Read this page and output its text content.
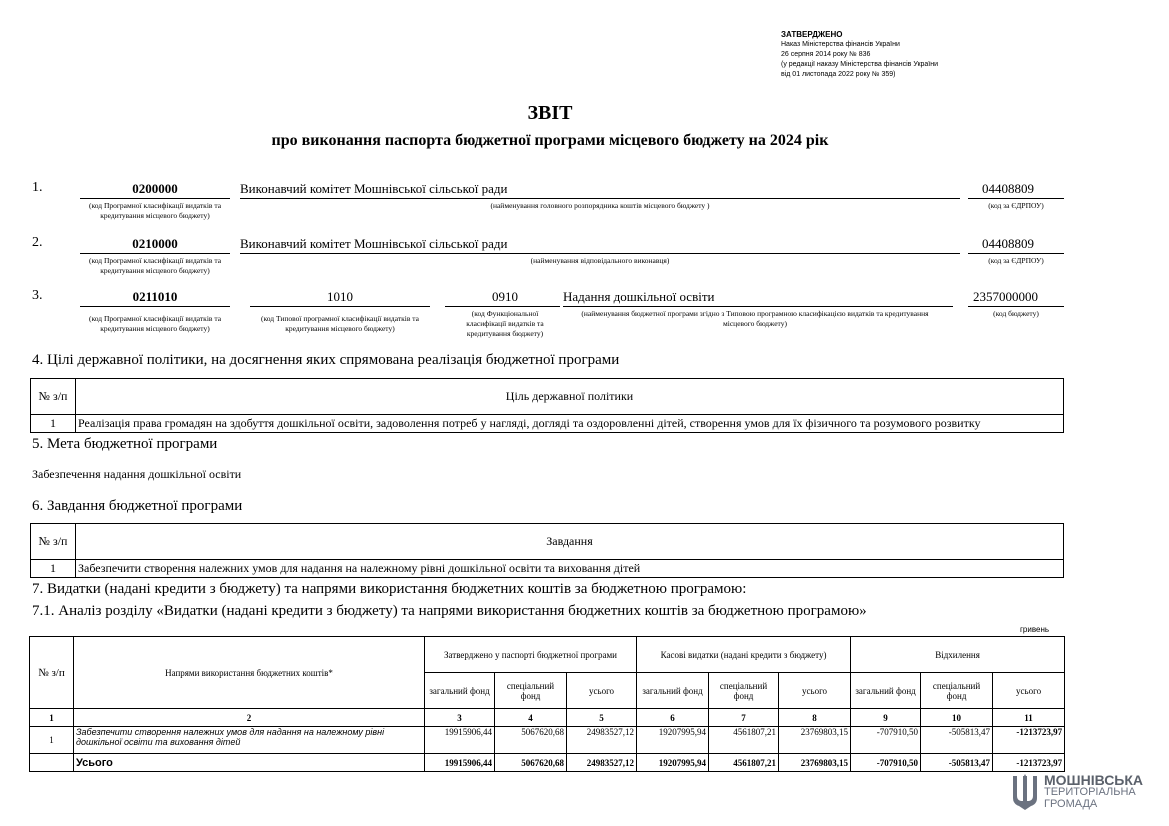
ЗАТВЕРДЖЕНО
Наказ Міністерства фінансів України
26 серпня 2014 року № 836
(у редакції наказу Міністерства фінансів України
від 01 листопада 2022 року № 359)
ЗВІТ
про виконання паспорта бюджетної програми місцевого бюджету на 2024 рік
1.	0200000	Виконавчий комітет Мошнівської сільської ради	04408809
(код Програмної класифікації видатків та кредитування місцевого бюджету)
(найменування головного розпорядника коштів місцевого бюджету )	(код за ЄДРПОУ)
2.	0210000	Виконавчий комітет Мошнівської сільської ради	04408809
(код Програмної класифікації видатків та кредитування місцевого бюджету)
(найменування відповідального виконавця)	(код за ЄДРПОУ)
3.	0211010	1010	0910	Надання дошкільної освіти	2357000000
(код Програмної класифікації видатків та кредитування місцевого бюджету)
(код Типової програмної класифікації видатків та кредитування місцевого бюджету)
(код Функціональної класифікації видатків та кредитування бюджету)
(найменування бюджетної програми згідно з Типовою програмною класифікацією видатків та кредитування місцевого бюджету)
(код бюджету)
4. Цілі державної політики, на досягнення яких спрямована реалізація бюджетної програми
№ з/п	Ціль державної політики
1	Реалізація права громадян на здобуття дошкільної освіти, задоволення потреб у нагляді, догляді та оздоровленні дітей, створення умов для їх фізичного та розумового розвитку
5. Мета бюджетної програми
Забезпечення надання дошкільної освіти
6. Завдання бюджетної програми
№ з/п	Завдання
1	Забезпечити створення належних умов для надання на належному рівні дошкільної освіти та виховання дітей
7. Видатки (надані кредити з бюджету) та напрями використання бюджетних коштів за бюджетною програмою:
7.1. Аналіз розділу «Видатки (надані кредити з бюджету) та напрями використання бюджетних коштів за бюджетною програмою»
гривень
№ з/п	Напрями використання бюджетних коштів*	Затверджено у паспорті бюджетної програми			Касові видатки (надані кредити з бюджету)			Відхилення		
		загальний фонд	спеціальний фонд	усього	загальний фонд	спеціальний фонд	усього	загальний фонд	спеціальний фонд	усього
1	2	3	4	5	6	7	8	9	10	11
1	Забезпечити створення належних умов для надання на належному рівні дошкільної освіти та виховання дітей	19915906,44	5067620,68	24983527,12	19207995,94	4561807,21	23769803,15	-707910,50	-505813,47	-1213723,97
	Усього	19915906,44	5067620,68	24983527,12	19207995,94	4561807,21	23769803,15	-707910,50	-505813,47	-1213723,97
МОШНІВСЬКА
ТЕРИТОРІАЛЬНА
ГРОМАДА
